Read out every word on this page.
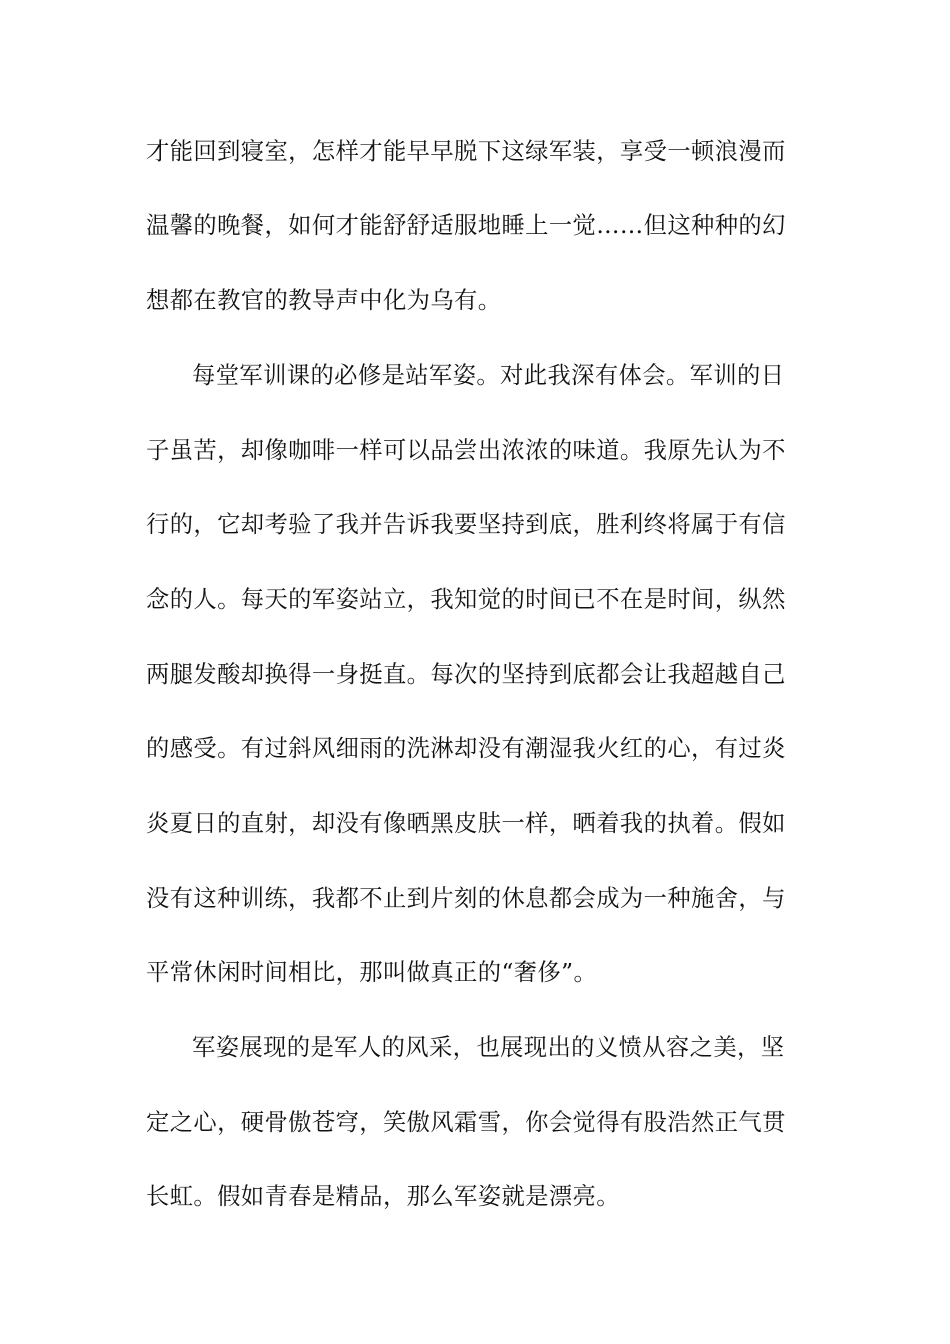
才能回到寝室，怎样才能早早脱下这绿军装，享受一顿浪漫而
温馨的晚餐，如何才能舒舒适服地睡上一觉……但这种种的幻
想都在教官的教导声中化为乌有。
每堂军训课的必修是站军姿。对此我深有体会。军训的日
子虽苦，却像咖啡一样可以品尝出浓浓的味道。我原先认为不
行的，它却考验了我并告诉我要坚持到底，胜利终将属于有信
念的人。每天的军姿站立，我知觉的时间已不在是时间，纵然
两腿发酸却换得一身挺直。每次的坚持到底都会让我超越自己
的感受。有过斜风细雨的洗淋却没有潮湿我火红的心，有过炎
炎夏日的直射，却没有像晒黑皮肤一样，晒着我的执着。假如
没有这种训练，我都不止到片刻的休息都会成为一种施舍，与
平常休闲时间相比，那叫做真正的“奢侈”。
军姿展现的是军人的风采，也展现出的义愤从容之美，坚
定之心，硬骨傲苍穹，笑傲风霜雪，你会觉得有股浩然正气贯
长虹。假如青春是精品，那么军姿就是漂亮。
